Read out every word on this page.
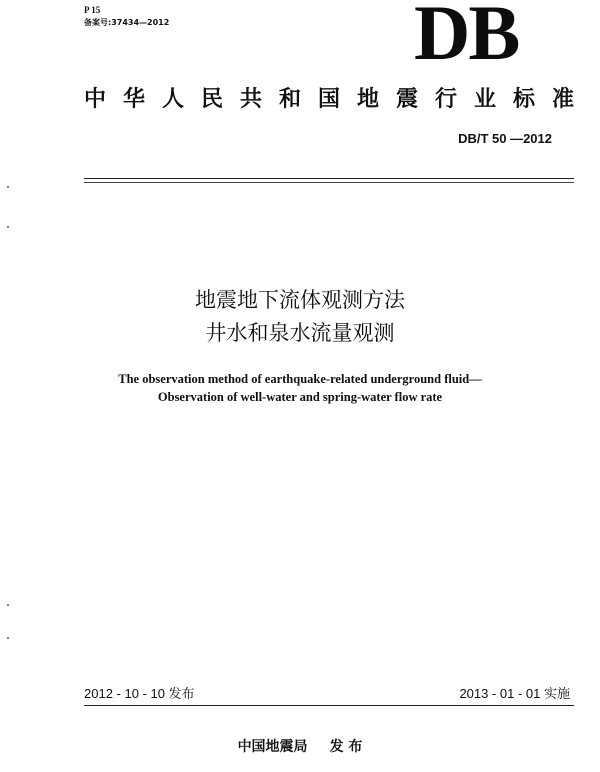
P 15
备案号:37434—2012	DB
中华人民共和国地震行业标准
DB/T 50 —2012
地震地下流体观测方法
井水和泉水流量观测
The observation method of earthquake-related underground fluid—
Observation of well-water and spring-water flow rate
2012 - 10 - 10 发布	2013 - 01 - 01 实施
中国地震局 发 布
